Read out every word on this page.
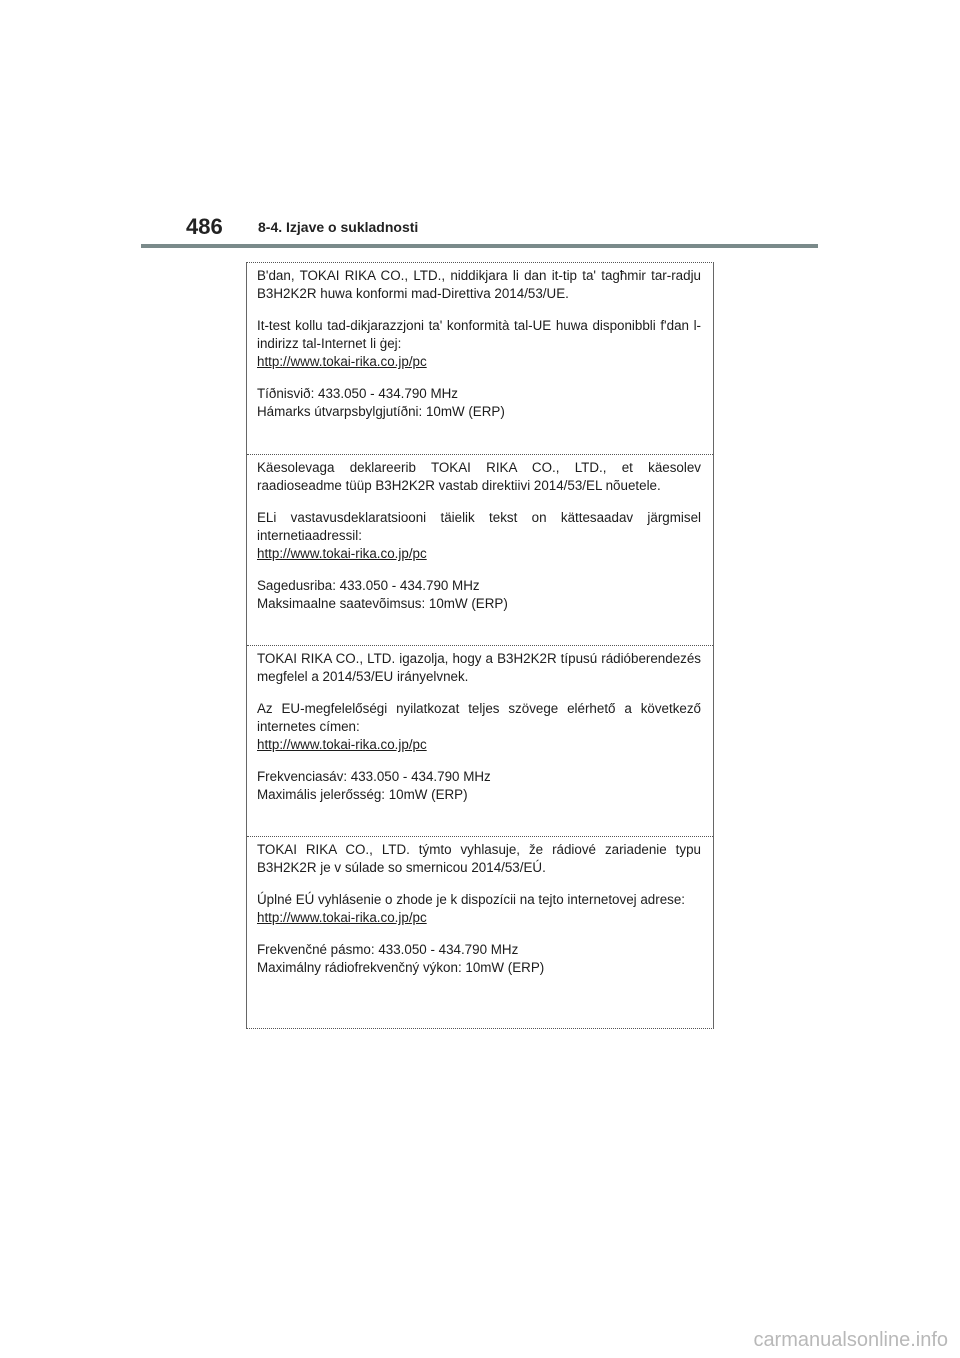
486	8-4. Izjave o sukladnosti

B'dan, TOKAI RIKA CO., LTD., niddikjara li dan it-tip ta' tagħmir tar-radju B3H2K2R huwa konformi mad-Direttiva 2014/53/UE.

It-test kollu tad-dikjarazzjoni ta' konformità tal-UE huwa disponibbli f'dan l-indirizz tal-Internet li ġej:

http://www.tokai-rika.co.jp/pc

Tíðnisvið: 433.050 - 434.790 MHz

Hámarks útvarpsbylgjutíðni: 10mW (ERP)

Käesolevaga deklareerib TOKAI RIKA CO., LTD., et käesolev raadioseadme tüüp B3H2K2R vastab direktiivi 2014/53/EL nõuetele.

ELi vastavusdeklaratsiooni täielik tekst on kättesaadav järgmisel internetiaadressil:

http://www.tokai-rika.co.jp/pc

Sagedusriba: 433.050 - 434.790 MHz

Maksimaalne saatevõimsus: 10mW (ERP)

TOKAI RIKA CO., LTD. igazolja, hogy a B3H2K2R típusú rádióberendezés megfelel a 2014/53/EU irányelvnek.

Az EU-megfelelőségi nyilatkozat teljes szövege elérhető a következő internetes címen:

http://www.tokai-rika.co.jp/pc

Frekvenciasáv: 433.050 - 434.790 MHz

Maximális jelerősség: 10mW (ERP)

TOKAI RIKA CO., LTD. týmto vyhlasuje, že rádiové zariadenie typu B3H2K2R je v súlade so smernicou 2014/53/EÚ.

Úplné EÚ vyhlásenie o zhode je k dispozícii na tejto internetovej adrese:

http://www.tokai-rika.co.jp/pc

Frekvenčné pásmo: 433.050 - 434.790 MHz

Maximálny rádiofrekvenčný výkon: 10mW (ERP)

carmanualsonline.info
